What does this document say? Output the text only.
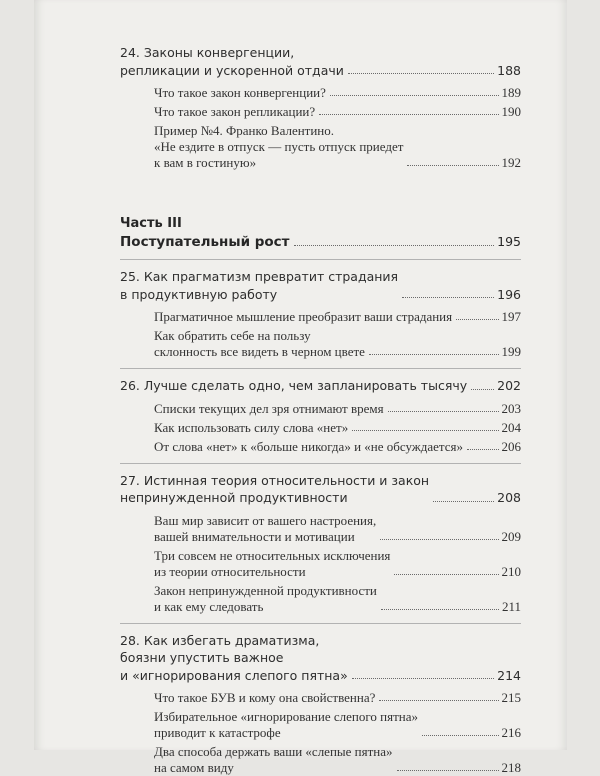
24. Законы конвергенции,
репликации и ускоренной отдачи	188
Что такое закон конвергенции?	189
Что такое закон репликации?	190
Пример №4. Франко Валентино.
«Не ездите в отпуск — пусть отпуск приедет
к вам в гостиную»	192
Часть III
Поступательный рост	195
25. Как прагматизм превратит страдания
в продуктивную работу	196
Прагматичное мышление преобразит ваши страдания	197
Как обратить себе на пользу
склонность все видеть в черном цвете	199
26. Лучше сделать одно, чем запланировать тысячу 202
Списки текущих дел зря отнимают время	203
Как использовать силу слова «нет»	204
От слова «нет» к «больше никогда» и «не обсуждается»	206
27. Истинная теория относительности и закон
непринужденной продуктивности	208
Ваш мир зависит от вашего настроения,
вашей внимательности и мотивации	209
Три совсем не относительных исключения
из теории относительности	210
Закон непринужденной продуктивности
и как ему следовать	211
28. Как избегать драматизма,
боязни упустить важное
и «игнорирования слепого пятна»	214
Что такое БУВ и кому она свойственна?	215
Избирательное «игнорирование слепого пятна»
приводит к катастрофе	216
Два способа держать ваши «слепые пятна»
на самом виду	218
